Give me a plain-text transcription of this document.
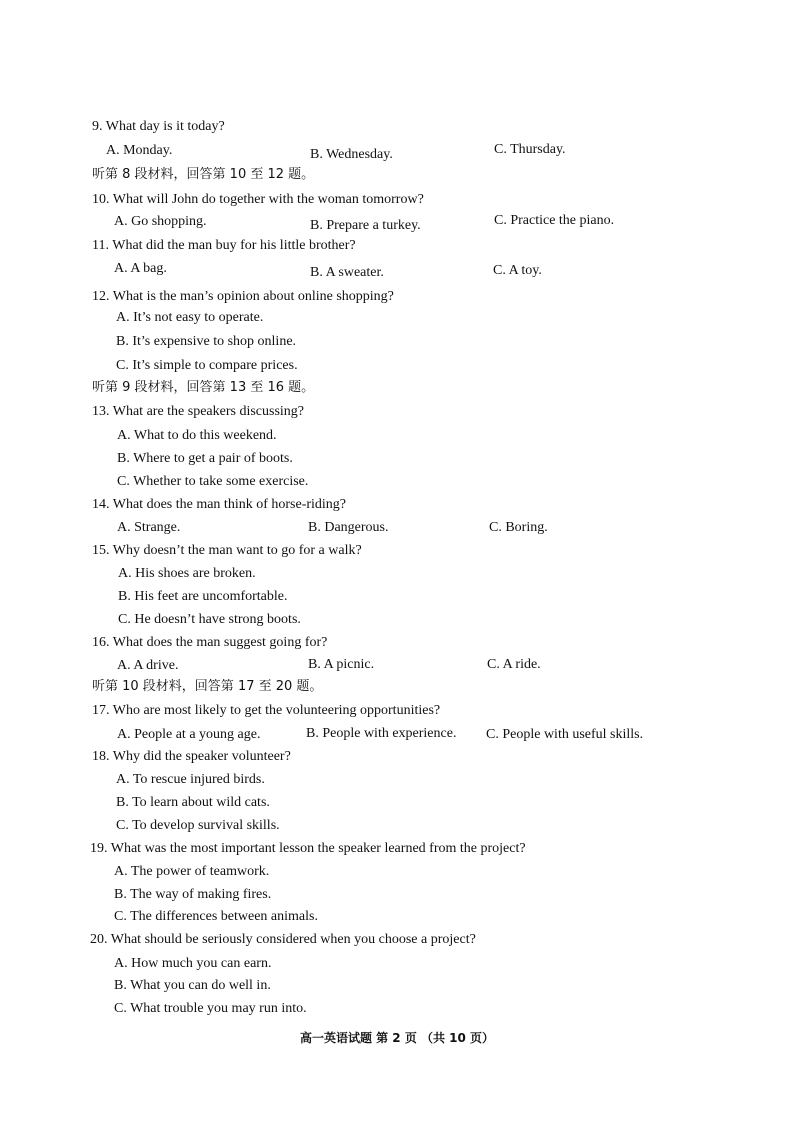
9. What day is it today?
A. Monday.	B. Wednesday.	C. Thursday.
听第 8 段材料，回答第 10 至 12 题。
10. What will John do together with the woman tomorrow?
A. Go shopping.	B. Prepare a turkey.	C. Practice the piano.
11. What did the man buy for his little brother?
A. A bag.	B. A sweater.	C. A toy.
12. What is the man’s opinion about online shopping?
A. It’s not easy to operate.
B. It’s expensive to shop online.
C. It’s simple to compare prices.
听第 9 段材料，回答第 13 至 16 题。
13. What are the speakers discussing?
A. What to do this weekend.
B. Where to get a pair of boots.
C. Whether to take some exercise.
14. What does the man think of horse-riding?
A. Strange.	B. Dangerous.	C. Boring.
15. Why doesn’t the man want to go for a walk?
A. His shoes are broken.
B. His feet are uncomfortable.
C. He doesn’t have strong boots.
16. What does the man suggest going for?
A. A drive.	B. A picnic.	C. A ride.
听第 10 段材料，回答第 17 至 20 题。
17. Who are most likely to get the volunteering opportunities?
A. People at a young age.	B. People with experience. C. People with useful skills.
18. Why did the speaker volunteer?
A. To rescue injured birds.
B. To learn about wild cats.
C. To develop survival skills.
19. What was the most important lesson the speaker learned from the project?
A. The power of teamwork.
B. The way of making fires.
C. The differences between animals.
20. What should be seriously considered when you choose a project?
A. How much you can earn.
B. What you can do well in.
C. What trouble you may run into.
高一英语试题 第 2 页 （共 10 页）
